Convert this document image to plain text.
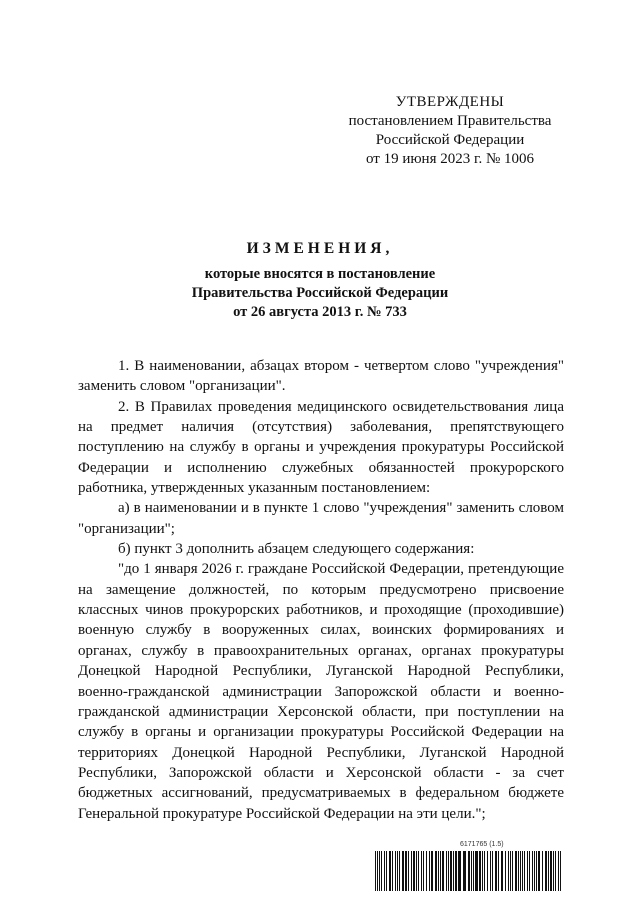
УТВЕРЖДЕНЫ
постановлением Правительства
Российской Федерации
от 19 июня 2023 г. № 1006
ИЗМЕНЕНИЯ,
которые вносятся в постановление
Правительства Российской Федерации
от 26 августа 2013 г. № 733

1. В наименовании, абзацах втором - четвертом слово "учреждения" заменить словом "организации".

2. В Правилах проведения медицинского освидетельствования лица на предмет наличия (отсутствия) заболевания, препятствующего поступлению на службу в органы и учреждения прокуратуры Российской Федерации и исполнению служебных обязанностей прокурорского работника, утвержденных указанным постановлением:

а) в наименовании и в пункте 1 слово "учреждения" заменить словом "организации";

б) пункт 3 дополнить абзацем следующего содержания:

"до 1 января 2026 г. граждане Российской Федерации, претендующие на замещение должностей, по которым предусмотрено присвоение классных чинов прокурорских работников, и проходящие (проходившие) военную службу в вооруженных силах, воинских формированиях и органах, службу в правоохранительных органах, органах прокуратуры Донецкой Народной Республики, Луганской Народной Республики, военно-гражданской администрации Запорожской области и военно-гражданской администрации Херсонской области, при поступлении на службу в органы и организации прокуратуры Российской Федерации на территориях Донецкой Народной Республики, Луганской Народной Республики, Запорожской области и Херсонской области - за счет бюджетных ассигнований, предусматриваемых в федеральном бюджете Генеральной прокуратуре Российской Федерации на эти цели.";

6171765 (1.5)
